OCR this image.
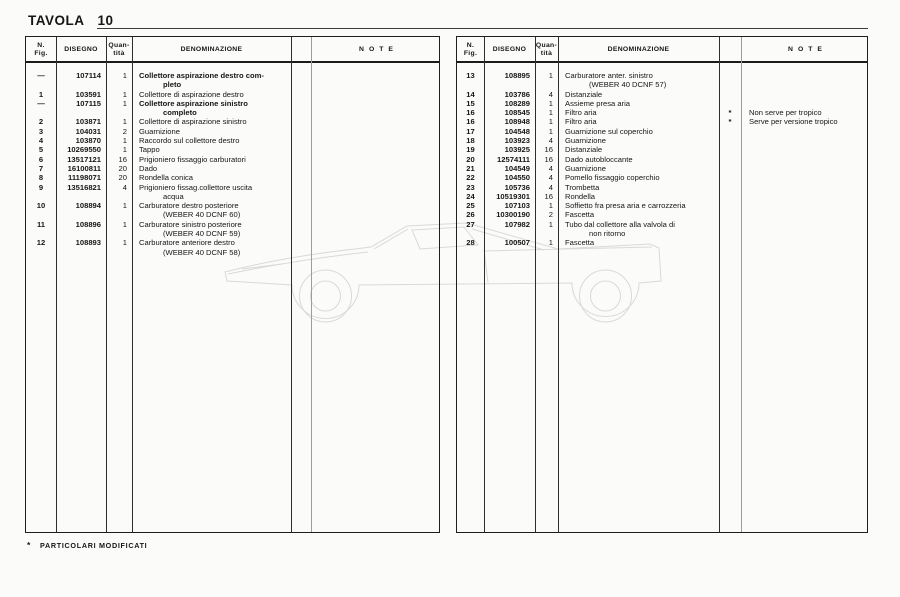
TAVOLA 10
N.
Fig.
DISEGNO
Quan-
tità
DENOMINAZIONE	NOTE
—	107114	1	Collettore aspirazione destro com-
pleto
1	103591	1	Collettore di aspirazione destro
—	107115	1	Collettore aspirazione sinistro
completo
2	103871	1	Collettore di aspirazione sinistro
3	104031	2	Guarnizione
4	103870	1	Raccordo sul collettore destro
5	10269550	1	Tappo
6	13517121	16	Prigioniero fissaggio carburatori
7	16100811	20	Dado
8	11198071	20	Rondella conica
9	13516821	4	Prigioniero fissag.collettore uscita
acqua
10	108894	1	Carburatore destro posteriore
(WEBER 40 DCNF 60)
11	108896	1	Carburatore sinistro posteriore
(WEBER 40 DCNF 59)
12	108893	1	Carburatore anteriore destro
(WEBER 40 DCNF 58)
N.
Fig.
DISEGNO
Quan-
tità
DENOMINAZIONE	NOTE
13	108895	1	Carburatore anter. sinistro
(WEBER 40 DCNF 57)
14	103786	4	Distanziale
15	108289	1	Assieme presa aria
16	108545	1	Filtro aria	*	Non serve per tropico
16	108948	1	Filtro aria	*	Serve per versione tropico
17	104548	1	Guarnizione sul coperchio
18	103923	4	Guarnizione
19	103925	16	Distanziale
20	12574111	16	Dado autobloccante
21	104549	4	Guarnizione
22	104550	4	Pomello fissaggio coperchio
23	105736	4	Trombetta
24	10519301	16	Rondella
25	107103	1	Soffietto fra presa aria e carrozzeria
26	10300190	2	Fascetta
27	107982	1	Tubo dal collettore alla valvola di
non ritorno
28	100507	1	Fascetta
* PARTICOLARI MODIFICATI
